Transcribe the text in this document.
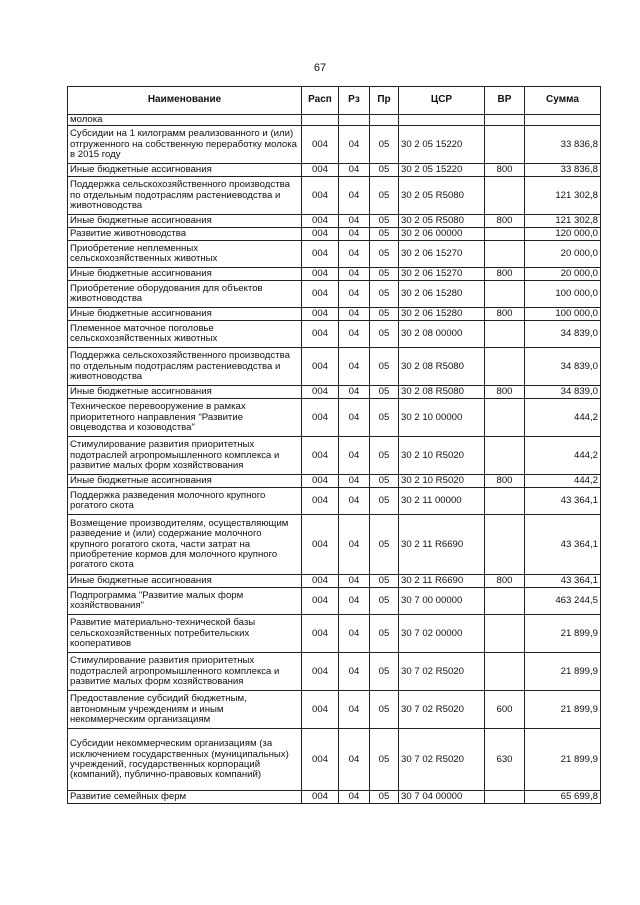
67
Наименование	Расп	Рз	Пр	ЦСР	ВР	Сумма
молока						
Субсидии на 1 килограмм реализованного и (или) отгруженного на собственную переработку молока в 2015 году	004	04	05	30 2 05 15220		33 836,8
Иные бюджетные ассигнования	004	04	05	30 2 05 15220	800	33 836,8
Поддержка сельскохозяйственного производства по отдельным подотраслям растениеводства и животноводства	004	04	05	30 2 05 R5080		121 302,8
Иные бюджетные ассигнования	004	04	05	30 2 05 R5080	800	121 302,8
Развитие животноводства	004	04	05	30 2 06 00000		120 000,0
Приобретение неплеменных сельскохозяйственных животных	004	04	05	30 2 06 15270		20 000,0
Иные бюджетные ассигнования	004	04	05	30 2 06 15270	800	20 000,0
Приобретение оборудования для объектов животноводства	004	04	05	30 2 06 15280		100 000,0
Иные бюджетные ассигнования	004	04	05	30 2 06 15280	800	100 000,0
Племенное маточное поголовье сельскохозяйственных животных	004	04	05	30 2 08 00000		34 839,0
Поддержка сельскохозяйственного производства по отдельным подотраслям растениеводства и животноводства	004	04	05	30 2 08 R5080		34 839,0
Иные бюджетные ассигнования	004	04	05	30 2 08 R5080	800	34 839,0
Техническое перевооружение в рамках приоритетного направления "Развитие овцеводства и козоводства"	004	04	05	30 2 10 00000		444,2
Стимулирование развития приоритетных подотраслей агропромышленного комплекса и развитие малых форм хозяйствования	004	04	05	30 2 10 R5020		444,2
Иные бюджетные ассигнования	004	04	05	30 2 10 R5020	800	444,2
Поддержка разведения молочного крупного рогатого скота	004	04	05	30 2 11 00000		43 364,1
Возмещение производителям, осуществляющим разведение и (или) содержание молочного крупного рогатого скота, части затрат на приобретение кормов для молочного крупного рогатого скота	004	04	05	30 2 11 R6690		43 364,1
Иные бюджетные ассигнования	004	04	05	30 2 11 R6690	800	43 364,1
Подпрограмма "Развитие малых форм хозяйствования"	004	04	05	30 7 00 00000		463 244,5
Развитие материально-технической базы сельскохозяйственных потребительских кооперативов	004	04	05	30 7 02 00000		21 899,9
Стимулирование развития приоритетных подотраслей агропромышленного комплекса и развитие малых форм хозяйствования	004	04	05	30 7 02 R5020		21 899,9
Предоставление субсидий бюджетным, автономным учреждениям и иным некоммерческим организациям	004	04	05	30 7 02 R5020	600	21 899,9
Субсидии некоммерческим организациям (за исключением государственных (муниципальных) учреждений, государственных корпораций (компаний), публично-правовых компаний)	004	04	05	30 7 02 R5020	630	21 899,9
Развитие семейных ферм	004	04	05	30 7 04 00000		65 699,8
